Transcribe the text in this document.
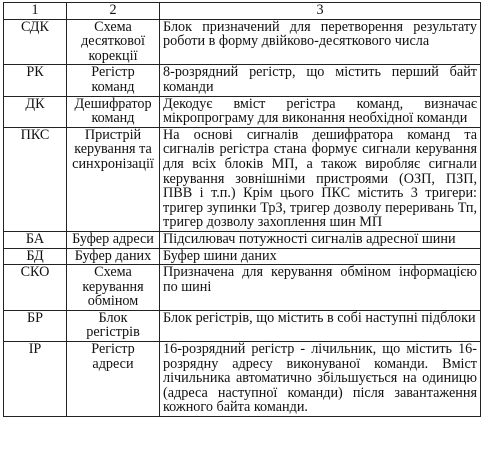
1	2	3
СДК	Схема десяткової корекції	Блок призначений для перетворення результату роботи в форму двійково-десяткового числа
РК	Регістр команд	8-розрядний регістр, що містить перший байт команди
ДК	Дешифратор команд	Декодує вміст регістра команд, визначає мікропрограму для виконання необхідної команди
ПКС	Пристрій керування та синхронізації	На основі сигналів дешифратора команд та сигналів регістра стана формує сигнали керування для всіх блоків МП, а також виробляє сигнали керування зовнішніми пристроями (ОЗП, ПЗП, ПВВ і т.п.) Крім цього ПКС містить 3 тригери: тригер зупинки ТрЗ, тригер дозволу переривань Тп, тригер дозволу захоплення шин МП
БА	Буфер адреси	Підсилювач потужності сигналів адресної шини
БД	Буфер даних	Буфер шини даних
СКО	Схема керування обміном	Призначена для керування обміном інформацією по шині
БР	Блок регістрів	Блок регістрів, що містить в собі наступні підблоки
IP	Регістр адреси	16-розрядний регістр - лічильник, що містить 16-розрядну адресу виконуваної команди. Вміст лічильника автоматично збільшується на одиницю (адреса наступної команди) після завантаження кожного байта команди.
